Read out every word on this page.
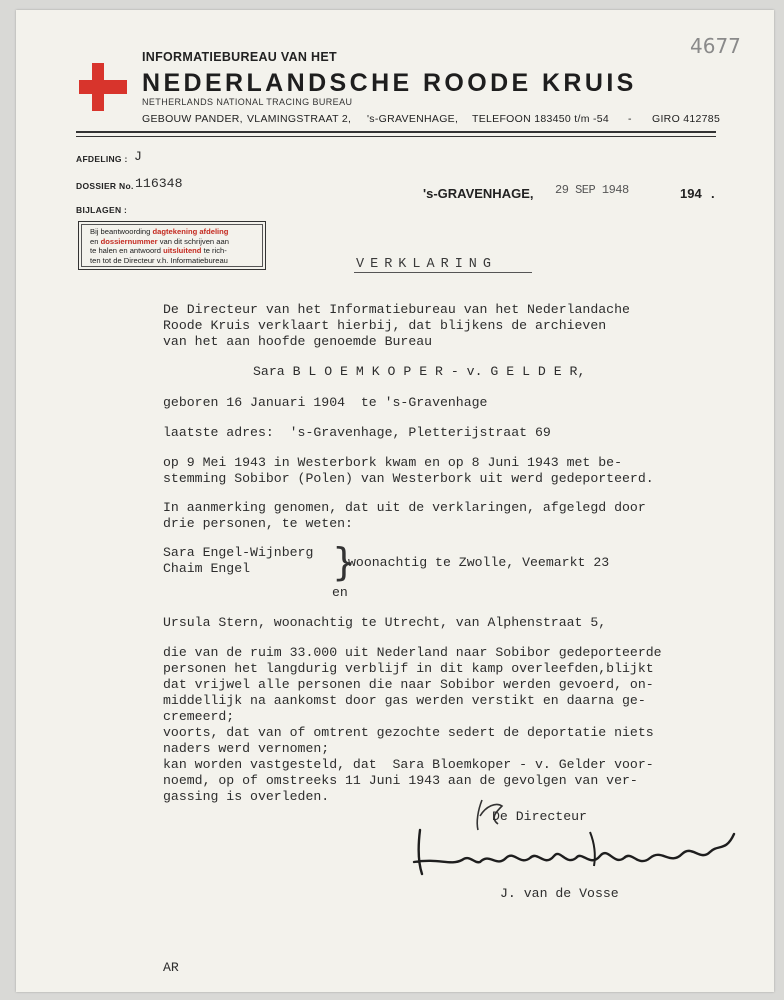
4677
INFORMATIEBUREAU VAN HET
NEDERLANDSCHE ROODE KRUIS
NETHERLANDS NATIONAL TRACING BUREAU
GEBOUW PANDER, VLAMINGSTRAAT 2, 's-GRAVENHAGE, TELEFOON 183450 t/m -54 - GIRO 412785
AFDELING : J
DOSSIER No. 116348
BIJLAGEN :
's-GRAVENHAGE, 29 SEP 1948	194 .
Bij beantwoording dagtekening afdeling
en dossiernummer van dit schrijven aan
te halen en antwoord uitsluitend te rich-
ten tot de Directeur v.h. Informatiebureau	VERKLARING
De Directeur van het Informatiebureau van het Nederlandache
Roode Kruis verklaart hierbij, dat blijkens de archieven
van het aan hoofde genoemde Bureau
Sara B L O E M K O P E R - v. G E L D E R,
geboren 16 Januari 1904  te 's-Gravenhage
laatste adres:  's-Gravenhage, Pletterijstraat 69
op 9 Mei 1943 in Westerbork kwam en op 8 Juni 1943 met be-
stemming Sobibor (Polen) van Westerbork uit werd gedeporteerd.
In aanmerking genomen, dat uit de verklaringen, afgelegd door
drie personen, te weten:
Sara Engel-Wijnberg
Chaim Engel }
woonachtig te Zwolle, Veemarkt 23
en
Ursula Stern, woonachtig te Utrecht, van Alphenstraat 5,
die van de ruim 33.000 uit Nederland naar Sobibor gedeporteerde
personen het langdurig verblijf in dit kamp overleefden,blijkt
dat vrijwel alle personen die naar Sobibor werden gevoerd, on-
middellijk na aankomst door gas werden verstikt en daarna ge-
cremeerd;
voorts, dat van of omtrent gezochte sedert de deportatie niets
naders werd vernomen;
kan worden vastgesteld, dat  Sara Bloemkoper - v. Gelder voor-
noemd, op of omstreeks 11 Juni 1943 aan de gevolgen van ver-
gassing is overleden.
De Directeur
J. van de Vosse
AR
